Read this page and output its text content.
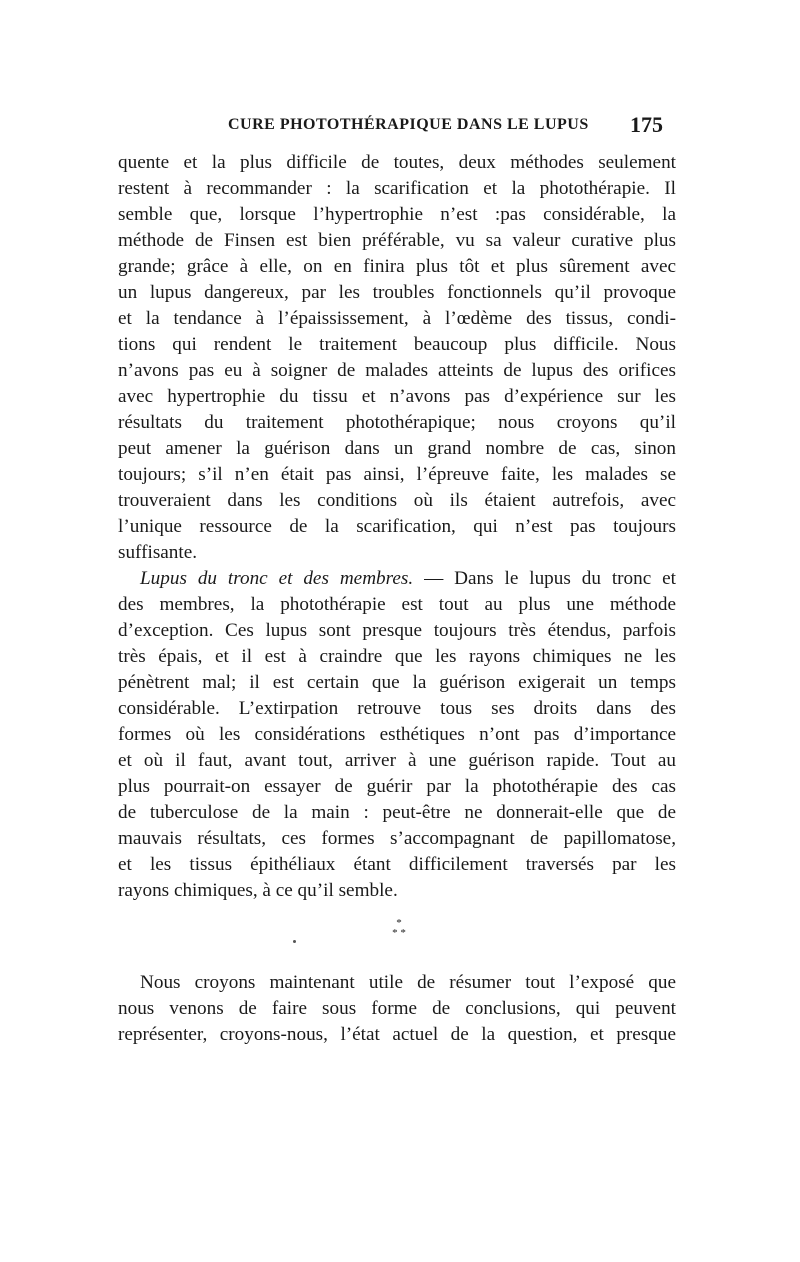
CURE PHOTOTHÉRAPIQUE DANS LE LUPUS 175
quente et la plus difficile de toutes, deux méthodes seulement
restent à recommander : la scarification et la photothérapie. Il
semble que, lorsque l’hypertrophie n’est :pas considérable, la
méthode de Finsen est bien préférable, vu sa valeur curative plus
grande; grâce à elle, on en finira plus tôt et plus sûrement avec
un lupus dangereux, par les troubles fonctionnels qu’il provoque
et la tendance à l’épaississement, à l’œdème des tissus, condi-
tions qui rendent le traitement beaucoup plus difficile. Nous
n’avons pas eu à soigner de malades atteints de lupus des orifices
avec hypertrophie du tissu et n’avons pas d’expérience sur les
résultats du traitement photothérapique; nous croyons qu’il
peut amener la guérison dans un grand nombre de cas, sinon
toujours; s’il n’en était pas ainsi, l’épreuve faite, les malades se
trouveraient dans les conditions où ils étaient autrefois, avec
l’unique ressource de la scarification, qui n’est pas toujours
suffisante.
Lupus du tronc et des membres. — Dans le lupus du tronc et
des membres, la photothérapie est tout au plus une méthode
d’exception. Ces lupus sont presque toujours très étendus, parfois
très épais, et il est à craindre que les rayons chimiques ne les
pénètrent mal; il est certain que la guérison exigerait un temps
considérable. L’extirpation retrouve tous ses droits dans des
formes où les considérations esthétiques n’ont pas d’importance
et où il faut, avant tout, arriver à une guérison rapide. Tout au
plus pourrait-on essayer de guérir par la photothérapie des cas
de tuberculose de la main : peut-être ne donnerait-elle que de
mauvais résultats, ces formes s’accompagnant de papillomatose,
et les tissus épithéliaux étant difficilement traversés par les
rayons chimiques, à ce qu’il semble.
*
* *
Nous croyons maintenant utile de résumer tout l’exposé que
nous venons de faire sous forme de conclusions, qui peuvent
représenter, croyons-nous, l’état actuel de la question, et presque
